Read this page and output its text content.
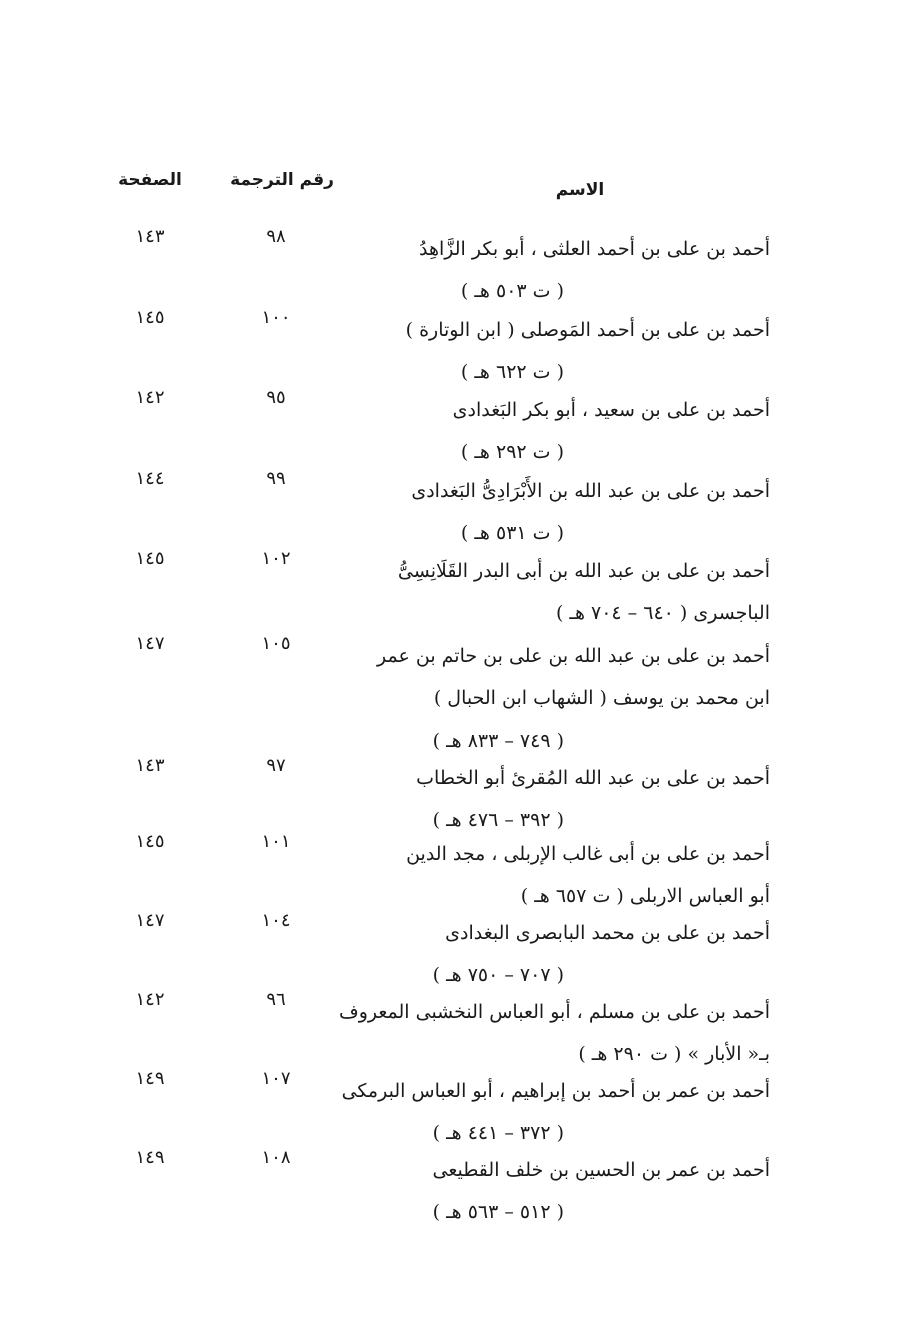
الاسم
رقم الترجمة
الصفحة
أحمد بن على بن أحمد العلثى ، أبو بكر الزَّاهِدُ
( ت ٥٠٣ هـ )
٩٨
١٤٣
أحمد بن على بن أحمد المَوصلى ( ابن الوتارة )
( ت ٦٢٢ هـ )
١٠٠
١٤٥
أحمد بن على بن سعيد ، أبو بكر البَغدادى
( ت ٢٩٢ هـ )
٩٥
١٤٢
أحمد بن على بن عبد الله بن الأَبْرَادِىُّ البَغدادى
( ت ٥٣١ هـ )
٩٩
١٤٤
أحمد بن على بن عبد الله بن أبى البدر القَلَانِسِىُّ
الباجسرى ( ٦٤٠ – ٧٠٤ هـ )
١٠٢
١٤٥
أحمد بن على بن عبد الله بن على بن حاتم بن عمر
ابن محمد بن يوسف ( الشهاب ابن الحبال )
( ٧٤٩ – ٨٣٣ هـ )
١٠٥
١٤٧
أحمد بن على بن عبد الله المُقرئ أبو الخطاب
( ٣٩٢ – ٤٧٦ هـ )
٩٧
١٤٣
أحمد بن على بن أبى غالب الإربلى ، مجد الدين
أبو العباس الاربلى ( ت ٦٥٧ هـ )
١٠١
١٤٥
أحمد بن على بن محمد البابصرى البغدادى
( ٧٠٧ – ٧٥٠ هـ )
١٠٤
١٤٧
أحمد بن على بن مسلم ، أبو العباس النخشبى المعروف
بـ« الأبار » ( ت ٢٩٠ هـ )
٩٦
١٤٢
أحمد بن عمر بن أحمد بن إبراهيم ، أبو العباس البرمكى
( ٣٧٢ – ٤٤١ هـ )
١٠٧
١٤٩
أحمد بن عمر بن الحسين بن خلف القطيعى
( ٥١٢ – ٥٦٣ هـ )
١٠٨
١٤٩
